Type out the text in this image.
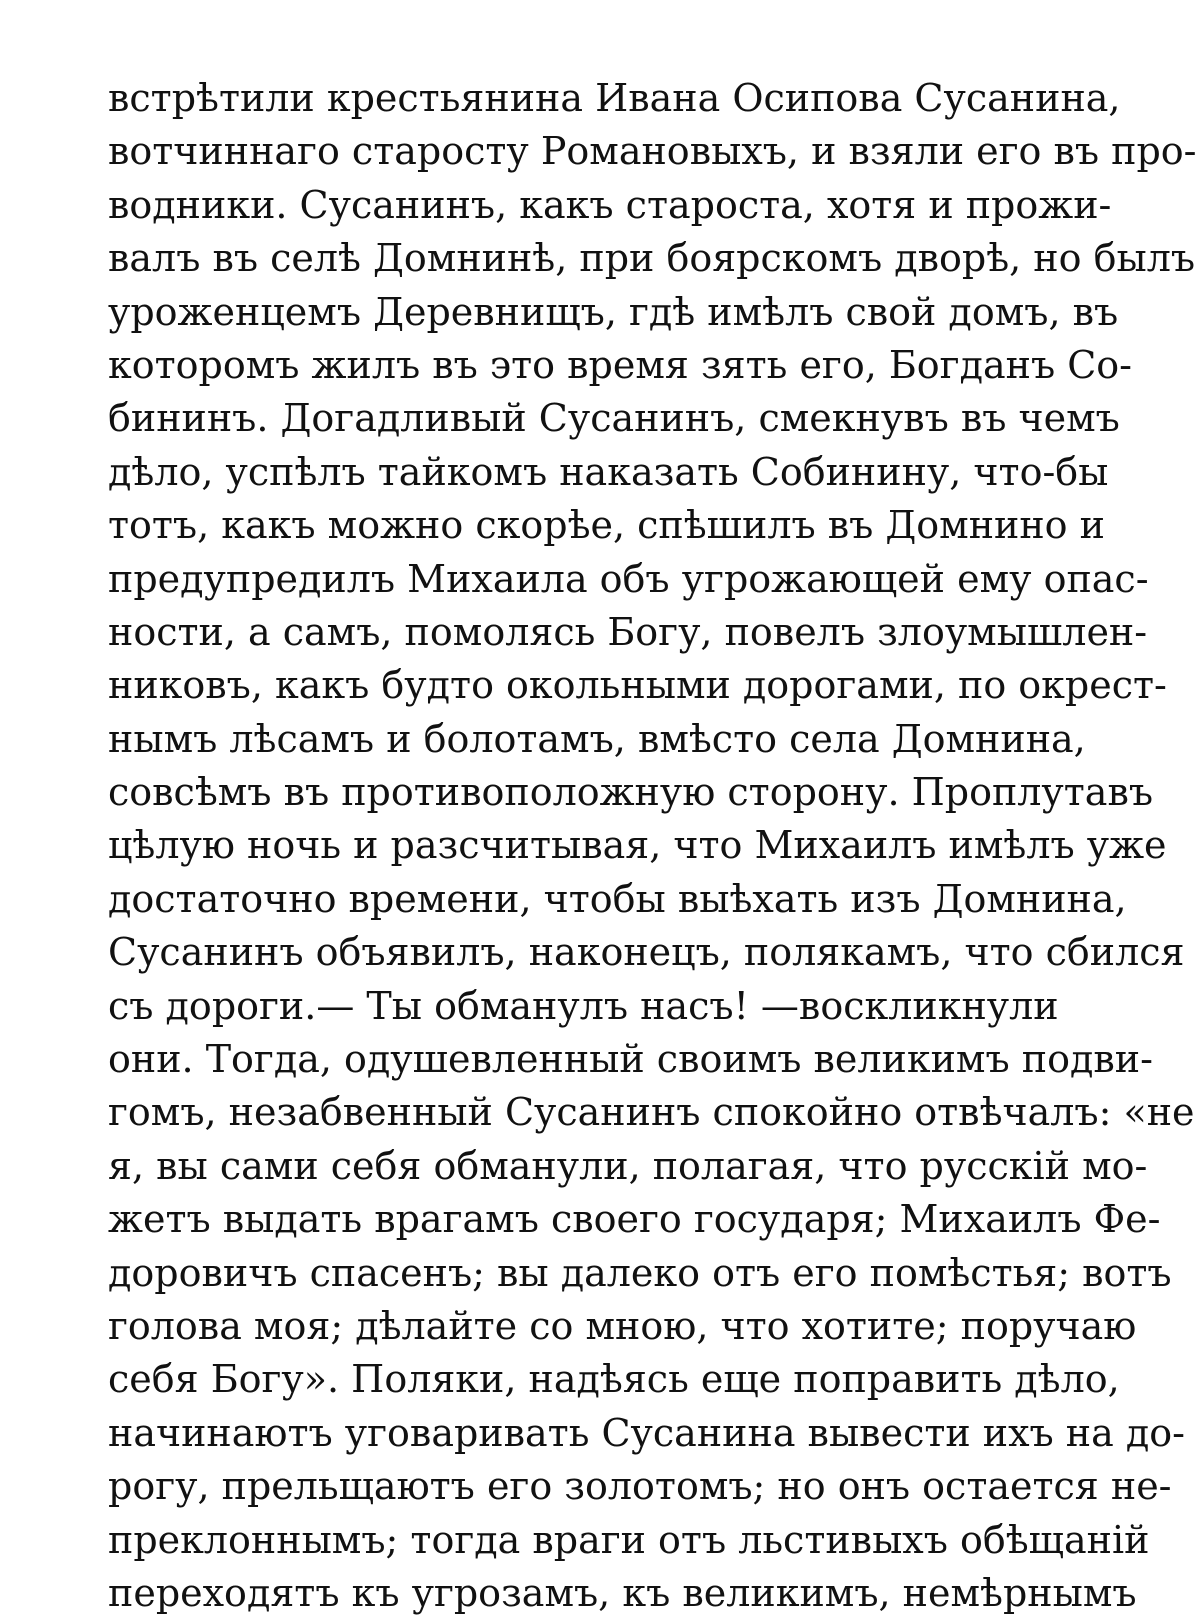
встрѣтили крестьянина Ивана Осипова Сусанина,
вотчиннаго старосту Романовыхъ, и взяли его въ про-
водники. Сусанинъ, какъ староста, хотя и прожи-
валъ въ селѣ Домнинѣ, при боярскомъ дворѣ, но былъ
уроженцемъ Деревнищъ, гдѣ имѣлъ свой домъ, въ
которомъ жилъ въ это время зять его, Богданъ Со-
бининъ. Догадливый Сусанинъ, смекнувъ въ чемъ
дѣло, успѣлъ тайкомъ наказать Собинину, что-бы
тотъ, какъ можно скорѣе, спѣшилъ въ Домнино и
предупредилъ Михаила объ угрожающей ему опас-
ности, а самъ, помолясь Богу, повелъ злоумышлен-
никовъ, какъ будто окольными дорогами, по окрест-
нымъ лѣсамъ и болотамъ, вмѣсто села Домнина,
совсѣмъ въ противоположную сторону. Проплутавъ
цѣлую ночь и разсчитывая, что Михаилъ имѣлъ уже
достаточно времени, чтобы выѣхать изъ Домнина,
Сусанинъ объявилъ, наконецъ, полякамъ, что сбился
съ дороги.— Ты обманулъ насъ! —воскликнули
они. Тогда, одушевленный своимъ великимъ подви-
гомъ, незабвенный Сусанинъ спокойно отвѣчалъ: «не
я, вы сами себя обманули, полагая, что русскій мо-
жетъ выдать врагамъ своего государя; Михаилъ Фе-
доровичъ спасенъ; вы далеко отъ его помѣстья; вотъ
голова моя; дѣлайте со мною, что хотите; поручаю
себя Богу». Поляки, надѣясь еще поправить дѣло,
начинаютъ уговаривать Сусанина вывести ихъ на до-
рогу, прельщаютъ его золотомъ; но онъ остается не-
преклоннымъ; тогда враги отъ льстивыхъ обѣщаній
переходятъ къ угрозамъ, къ великимъ, немѣрнымъ
